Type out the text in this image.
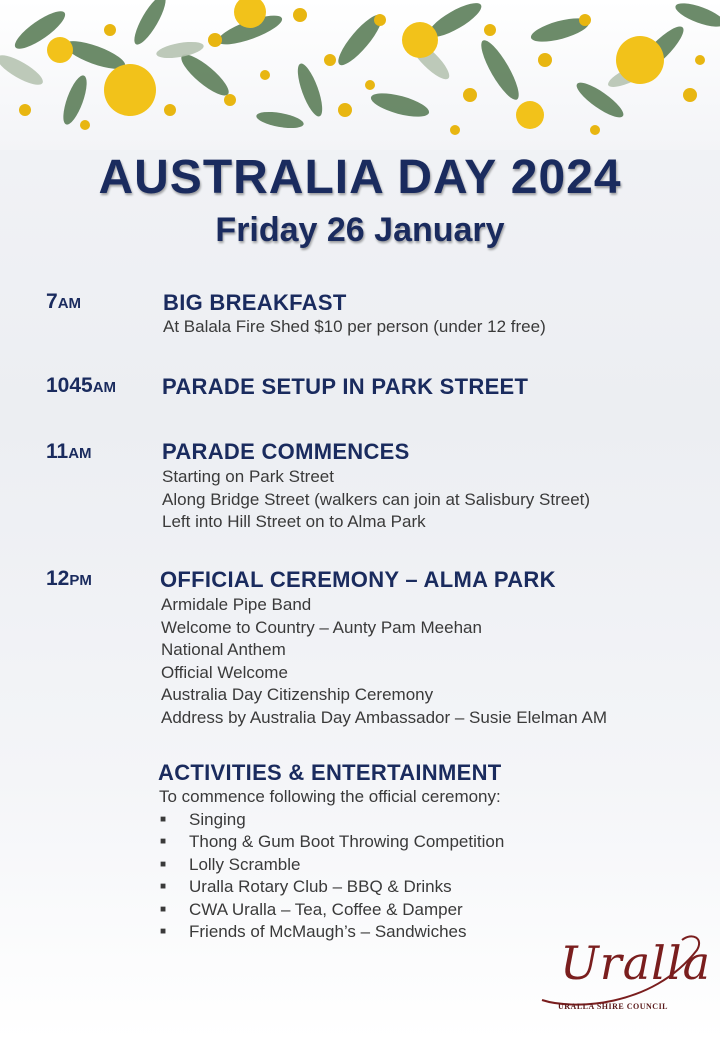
AUSTRALIA DAY 2024
Friday 26 January
7AM	BIG BREAKFAST
At Balala Fire Shed $10 per person (under 12 free)
1045AM PARADE SETUP IN PARK STREET
11AM	PARADE COMMENCES
Starting on Park Street
Along Bridge Street (walkers can join at Salisbury Street)
Left into Hill Street on to Alma Park
12PM	OFFICIAL CEREMONY – ALMA PARK
Armidale Pipe Band
Welcome to Country – Aunty Pam Meehan
National Anthem
Official Welcome
Australia Day Citizenship Ceremony
Address by Australia Day Ambassador – Susie Elelman AM
ACTIVITIES & ENTERTAINMENT
To commence following the official ceremony:
■	Singing
■	Thong & Gum Boot Throwing Competition
■	Lolly Scramble
■	Uralla Rotary Club – BBQ & Drinks
■	CWA Uralla – Tea, Coffee & Damper
■	Friends of McMaugh’s – Sandwiches
Uralla
URALLA SHIRE COUNCIL
